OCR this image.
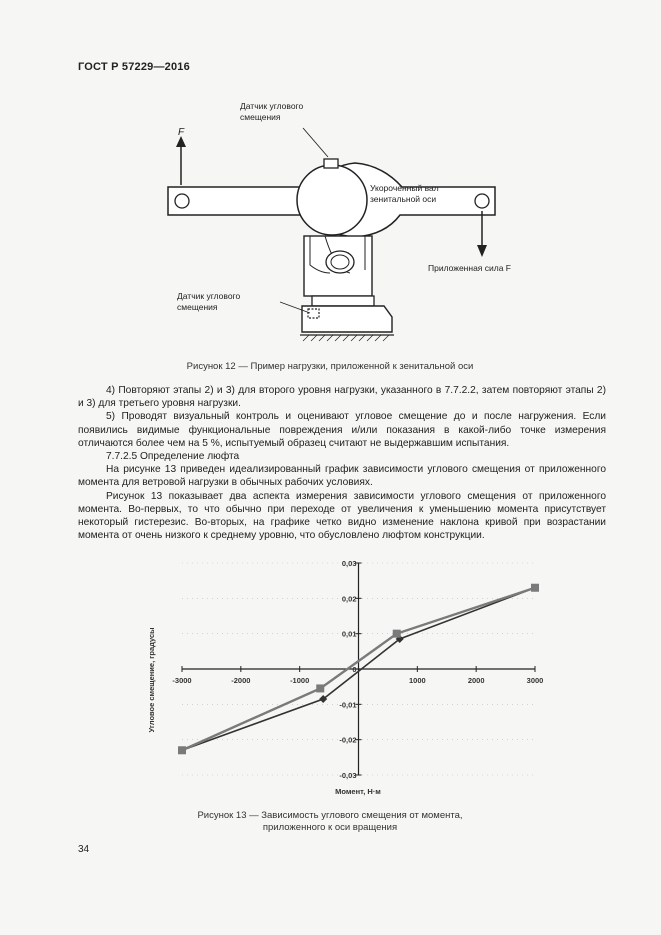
ГОСТ Р 57229—2016
F
Датчик углового смещения
Укороченный вал зенитальной оси
Приложенная сила F
Датчик углового смещения
Рисунок 12 — Пример нагрузки, приложенной к зенитальной оси

4) Повторяют этапы 2) и 3) для второго уровня нагрузки, указанного в 7.7.2.2, затем повторяют этапы 2) и 3) для третьего уровня нагрузки.

5) Проводят визуальный контроль и оценивают угловое смещение до и после нагружения. Если появились видимые функциональные повреждения и/или показания в какой-либо точке измерения отличаются более чем на 5 %, испытуемый образец считают не выдержавшим испытания.

7.7.2.5 Определение люфта

На рисунке 13 приведен идеализированный график зависимости углового смещения от приложенного момента для ветровой нагрузки в обычных рабочих условиях.

Рисунок 13 показывает два аспекта измерения зависимости углового смещения от приложенного момента. Во-первых, то что обычно при переходе от увеличения к уменьшению момента присутствует некоторый гистерезис. Во-вторых, на графике четко видно изменение наклона кривой при возрастании момента от очень низкого к среднему уровню, что обусловлено люфтом конструкции.

-3000	-2000	-1000	1000	2000	3000
0,03
0,02
0,01
0
-0,01
-0,02
-0,03
Момент, Н·м
Угловое смещение, градусы
Рисунок 13 — Зависимость углового смещения от момента,
приложенного к оси вращения
34
